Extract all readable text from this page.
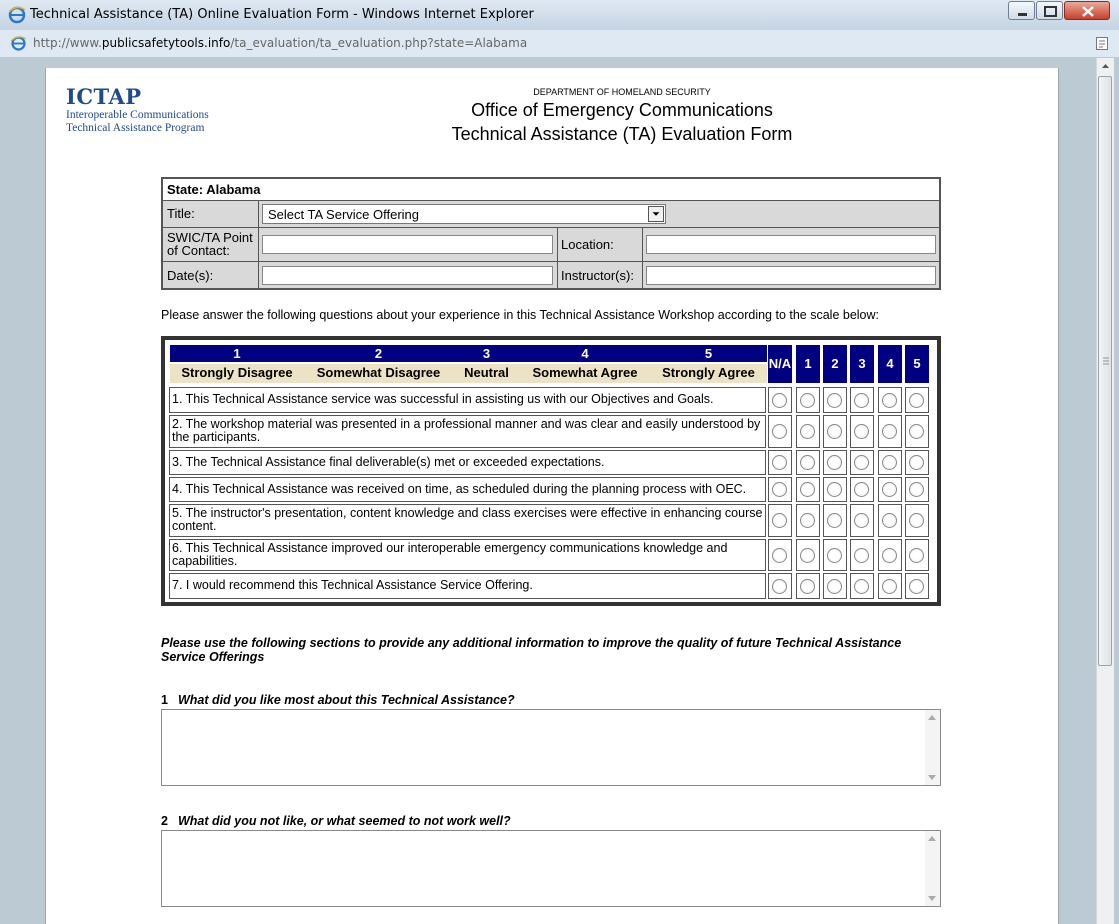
Technical Assistance (TA) Online Evaluation Form - Windows Internet Explorer
http://www.publicsafetytools.info/ta_evaluation/ta_evaluation.php?state=Alabama
ICTAP
Interoperable Communications
Technical Assistance Program
DEPARTMENT OF HOMELAND SECURITY
Office of Emergency Communications
Technical Assistance (TA) Evaluation Form
State: Alabama
Title:	Select TA Service Offering
SWIC/TA Point
of Contact:	Location:
Date(s):	Instructor(s):
Please answer the following questions about your experience in this Technical Assistance Workshop according to the scale below:
1	2	3	4	5
Strongly Disagree	Somewhat Disagree	Neutral	Somewhat Agree	Strongly Agree
N/A	1	2	3	4	5
1. This Technical Assistance service was successful in assisting us with our Objectives and Goals.
2. The workshop material was presented in a professional manner and was clear and easily understood by the participants.
3. The Technical Assistance final deliverable(s) met or exceeded expectations.
4. This Technical Assistance was received on time, as scheduled during the planning process with OEC.
5. The instructor's presentation, content knowledge and class exercises were effective in enhancing course content.
6. This Technical Assistance improved our interoperable emergency communications knowledge and capabilities.
7. I would recommend this Technical Assistance Service Offering.
Please use the following sections to provide any additional information to improve the quality of future Technical Assistance Service Offerings
1 What did you like most about this Technical Assistance?
2 What did you not like, or what seemed to not work well?
